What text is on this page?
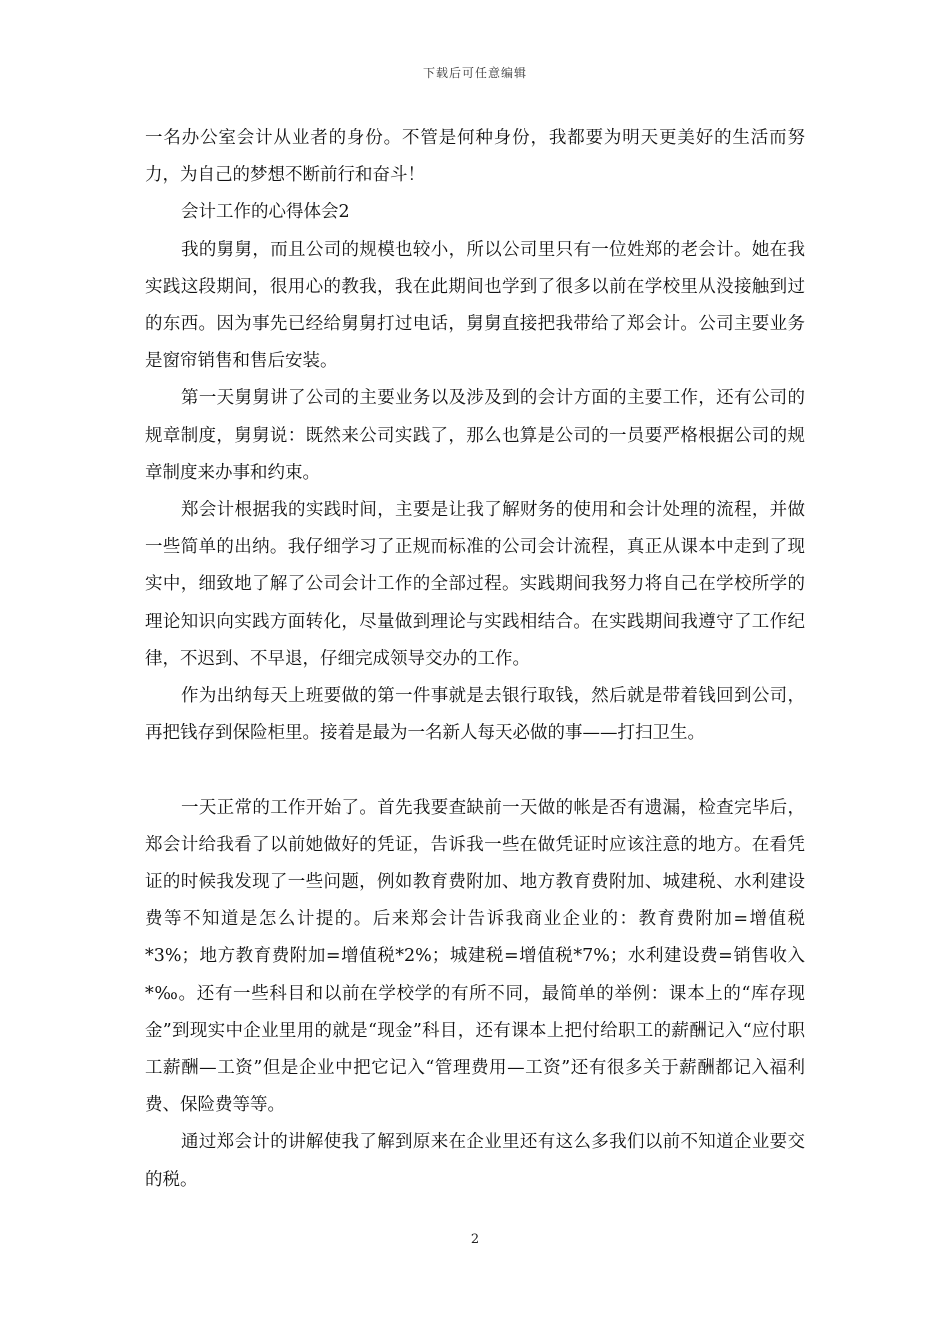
下载后可任意编辑

一名办公室会计从业者的身份。不管是何种身份，我都要为明天更美好的生活而努力，为自己的梦想不断前行和奋斗！

会计工作的心得体会2

我的舅舅，而且公司的规模也较小，所以公司里只有一位姓郑的老会计。她在我实践这段期间，很用心的教我，我在此期间也学到了很多以前在学校里从没接触到过的东西。因为事先已经给舅舅打过电话，舅舅直接把我带给了郑会计。公司主要业务是窗帘销售和售后安装。

第一天舅舅讲了公司的主要业务以及涉及到的会计方面的主要工作，还有公司的规章制度，舅舅说：既然来公司实践了，那么也算是公司的一员要严格根据公司的规章制度来办事和约束。

郑会计根据我的实践时间，主要是让我了解财务的使用和会计处理的流程，并做一些简单的出纳。我仔细学习了正规而标准的公司会计流程，真正从课本中走到了现实中，细致地了解了公司会计工作的全部过程。实践期间我努力将自己在学校所学的理论知识向实践方面转化，尽量做到理论与实践相结合。在实践期间我遵守了工作纪律，不迟到、不早退，仔细完成领导交办的工作。

作为出纳每天上班要做的第一件事就是去银行取钱，然后就是带着钱回到公司，再把钱存到保险柜里。接着是最为一名新人每天必做的事——打扫卫生。

一天正常的工作开始了。首先我要查缺前一天做的帐是否有遗漏，检查完毕后，郑会计给我看了以前她做好的凭证，告诉我一些在做凭证时应该注意的地方。在看凭证的时候我发现了一些问题，例如教育费附加、地方教育费附加、城建税、水利建设费等不知道是怎么计提的。后来郑会计告诉我商业企业的：教育费附加=增值税*3%；地方教育费附加=增值税*2%；城建税=增值税*7%；水利建设费=销售收入*‰。还有一些科目和以前在学校学的有所不同，最简单的举例：课本上的“库存现金”到现实中企业里用的就是“现金”科目，还有课本上把付给职工的薪酬记入“应付职工薪酬—工资”但是企业中把它记入“管理费用—工资”还有很多关于薪酬都记入福利费、保险费等等。

通过郑会计的讲解使我了解到原来在企业里还有这么多我们以前不知道企业要交的税。

2
